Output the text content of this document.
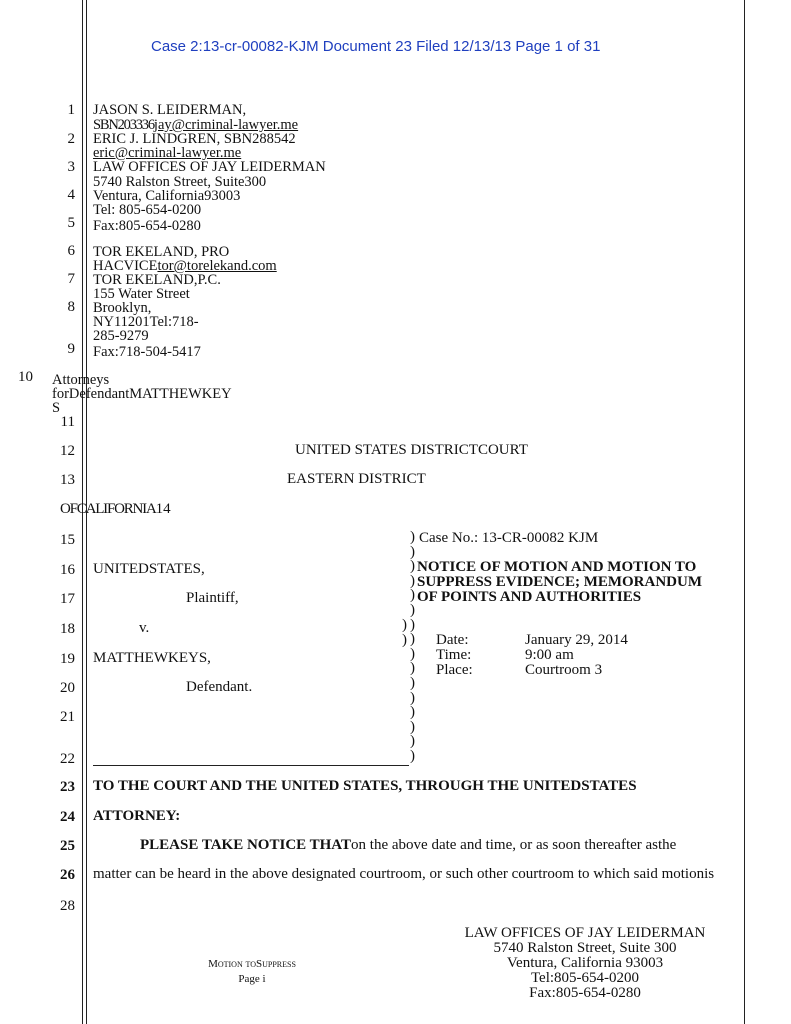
Case 2:13-cr-00082-KJM Document 23 Filed 12/13/13 Page 1 of 31
1
2
3
4
5
6
7
8
9
10
11
12
13
15
16
17
18
19
20
21
22
23
24
25
26
28
JASON S. LEIDERMAN,
SBN203336jay@criminal-lawyer.me
ERIC J. LINDGREN, SBN288542
eric@criminal-lawyer.me
LAW OFFICES OF JAY LEIDERMAN
5740 Ralston Street, Suite300
Ventura, California93003
Tel: 805-654-0200
Fax:805-654-0280
TOR EKELAND, PRO
HACVICEtor@torelekand.com
TOR EKELAND,P.C.
155 Water Street
Brooklyn,
NY11201Tel:718-
285-9279
Fax:718-504-5417
Attorneys
forDefendantMATTHEWKEY
S
UNITED STATES DISTRICTCOURT
EASTERN DISTRICT
OFCALIFORNIA14
UNITEDSTATES,
Plaintiff,
v.
MATTHEWKEYS,
Defendant.
)
)
)
)
)
)
)
)
)
)
)
)
)
)
)
)
)
)
Case No.: 13-CR-00082 KJM
NOTICE OF MOTION AND MOTION TO
SUPPRESS EVIDENCE; MEMORANDUM
OF POINTS AND AUTHORITIES
Date:	January 29, 2014
Time:	9:00 am
Place:	Courtroom 3
TO THE COURT AND THE UNITED STATES, THROUGH THE UNITEDSTATES
ATTORNEY:
PLEASE TAKE NOTICE THATon the above date and time, or as soon thereafter asthe
matter can be heard in the above designated courtroom, or such other courtroom to which said motionis
Motion toSuppress
Page i
LAW OFFICES OF JAY LEIDERMAN
5740 Ralston Street, Suite 300
Ventura, California 93003
Tel:805-654-0200
Fax:805-654-0280
